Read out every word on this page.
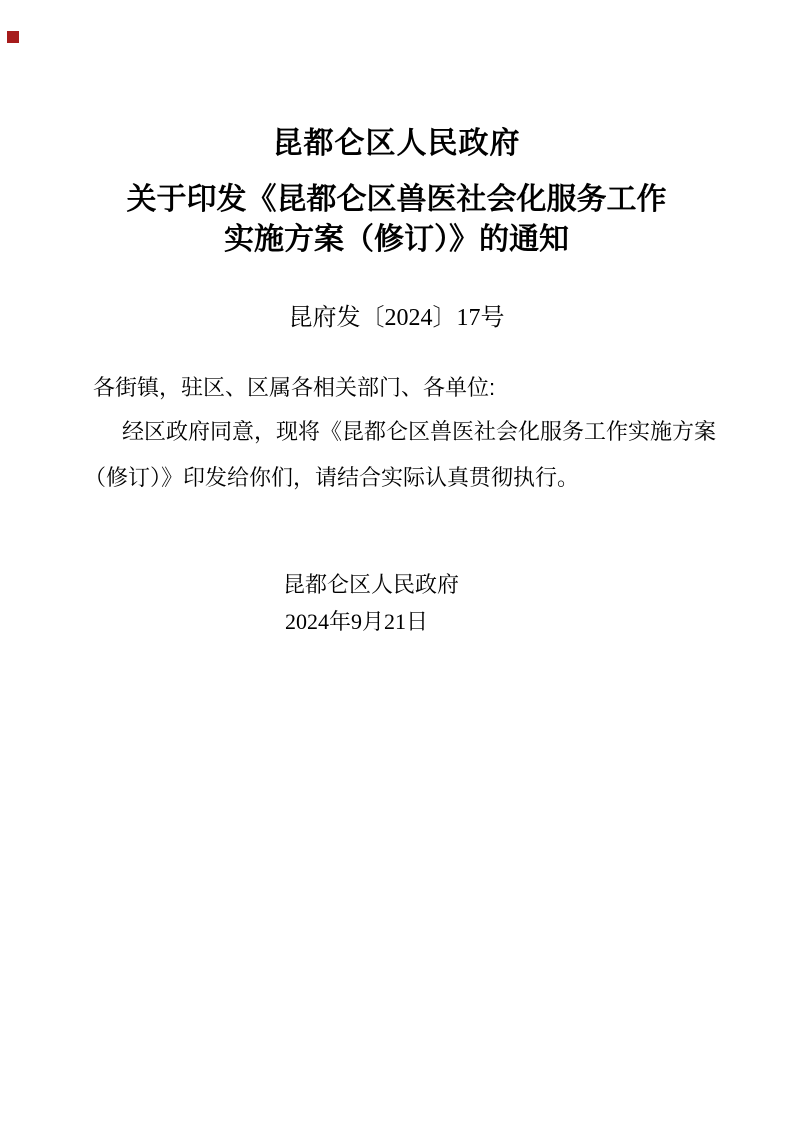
昆都仑区人民政府
关于印发《昆都仑区兽医社会化服务工作
实施方案（修订）》的通知
昆府发〔2024〕17号
各街镇，驻区、区属各相关部门、各单位:
经区政府同意，现将《昆都仑区兽医社会化服务工作实施方案
（修订）》印发给你们，请结合实际认真贯彻执行。
昆都仑区人民政府
2024年9月21日
